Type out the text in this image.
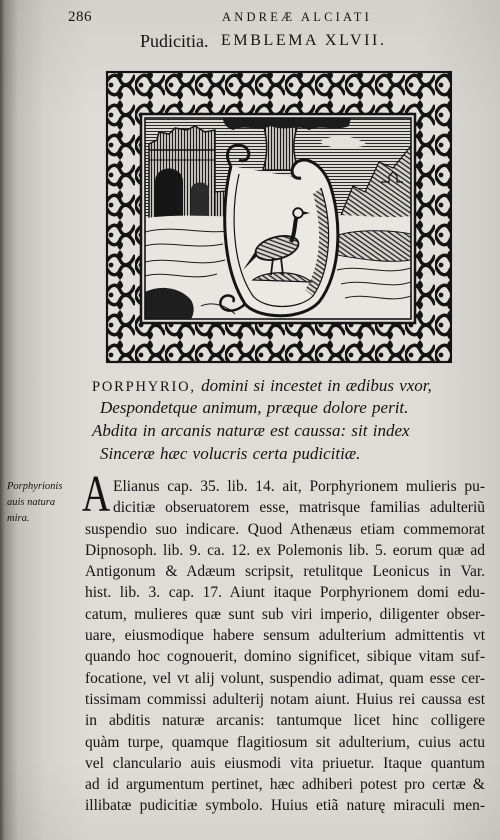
286	ANDREÆ ALCIATI
Pudicitia. EMBLEMA XLVII.
PORPHYRIO, domini si incestet in ædibus vxor,
Despondetque animum, præque dolore perit.
Abdita in arcanis naturæ est caussa: sit index
Sinceræ hæc volucris certa pudicitiæ.
Porphyrionis
auis natura
mira.	A Elianus cap. 35. lib. 14. ait, Porphyrionem mulieris pu-
dicitiæ obseruatorem esse, matrisque familias adulteriũ
suspendio suo indicare. Quod Athenæus etiam commemorat
Dipnosoph. lib. 9. ca. 12. ex Polemonis lib. 5. eorum quæ ad
Antigonum & Adæum scripsit, retulitque Leonicus in Var.
hist. lib. 3. cap. 17. Aiunt itaque Porphyrionem domi edu-
catum, mulieres quæ sunt sub viri imperio, diligenter obser-
uare, eiusmodique habere sensum adulterium admittentis vt
quando hoc cognouerit, domino significet, sibique vitam suf-
focatione, vel vt alij volunt, suspendio adimat, quam esse cer-
tissimam commissi adulterij notam aiunt. Huius rei caussa est
in abditis naturæ arcanis: tantumque licet hinc colligere
quàm turpe, quamque flagitiosum sit adulterium, cuius actu
vel clanculario auis eiusmodi vita priuetur. Itaque quantum
ad id argumentum pertinet, hæc adhiberi potest pro certæ &
illibatæ pudicitiæ symbolo. Huius etiã naturę miraculi men-
